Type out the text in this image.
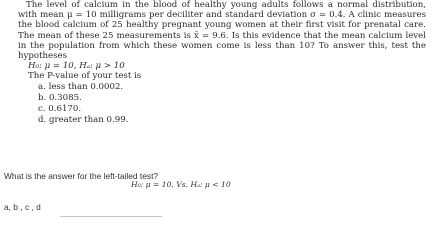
The level of calcium in the blood of healthy young adults follows a normal distribution, with mean μ = 10 milligrams per deciliter and standard deviation σ = 0.4. A clinic measures the blood calcium of 25 healthy pregnant young women at their first visit for prenatal care. The mean of these 25 measurements is x̄ = 9.6. Is this evidence that the mean calcium level in the population from which these women come is less than 10? To answer this, test the hypotheses

H₀: μ = 10, Hₐ: μ > 10

The P-value of your test is

a. less than 0.0002.
b. 0.3085.
c. 0.6170.
d. greater than 0.99.
What is the answer for the left-tailed test?
H₀: μ = 10, Vs. Hₐ: μ < 10
a, b , c , d
